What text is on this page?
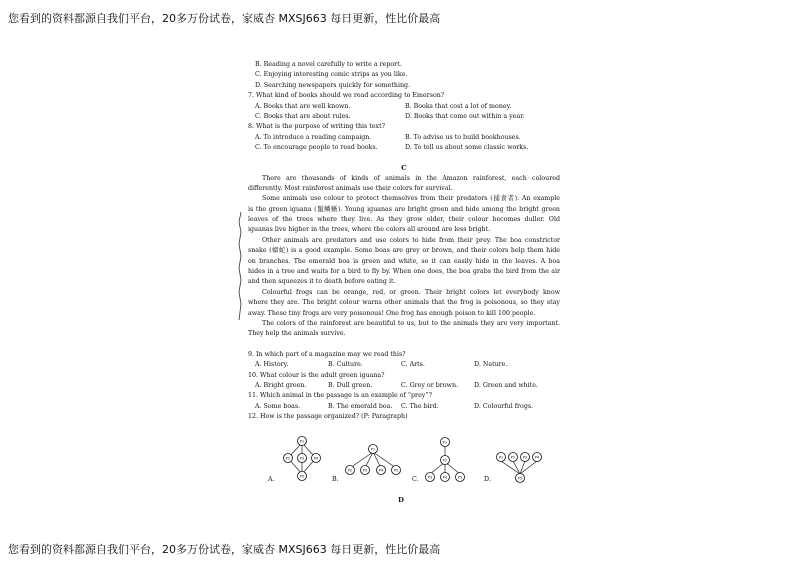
您看到的资料都源自我们平台，20多万份试卷，家威杏 MXSJ663 每日更新，性比价最高
B. Reading a novel carefully to write a report.
C. Enjoying interesting comic strips as you like.
D. Searching newspapers quickly for something.
7. What kind of books should we read according to Emerson?
A. Books that are well known.	B. Books that cost a lot of money.
C. Books that are about rules.	D. Books that come out within a year.
8. What is the purpose of writing this text?
A. To introduce a reading campaign.	B. To advise us to build bookhouses.
C. To encourage people to read books.	D. To tell us about some classic works.
C
There are thousands of kinds of animals in the Amazon rainforest, each coloured
differently. Most rainforest animals use their colors for survival.
Some animals use colour to protect themselves from their predators (捕食者). An example
is the green iguana (鬣鳞蜥). Young iguanas are bright green and hide among the bright green
leaves of the trees where they live. As they grow older, their colour becomes duller. Old
iguanas live higher in the trees, where the colors all around are less bright.
Other animals are predators and use colors to hide from their prey. The boa constrictor
snake (蟒蛇) is a good example. Some boas are grey or brown, and their colors help them hide
on branches. The emerald boa is green and white, so it can easily hide in the leaves. A boa
hides in a tree and waits for a bird to fly by. When one does, the boa grabs the bird from the air
and then squeezes it to death before eating it.
Colourful frogs can be orange, red, or green. Their bright colors let everybody know
where they are. The bright colour warns other animals that the frog is poisonous, so they stay
away. These tiny frogs are very poisonous! One frog has enough poison to kill 100 people.
The colors of the rainforest are beautiful to us, but to the animals they are very important.
They help the animals survive.
9. In which part of a magazine may we read this?
A. History.	B. Culture.	C. Arts.	D. Nature.
10. What colour is the adult green iguana?
A. Bright green.	B. Dull green.	C. Grey or brown.	D. Green and white.
11. Which animal in the passage is an example of “prey”?
A. Some boas.	B. The emerald boa.	C. The bird.	D. Colourful frogs.
12. How is the passage organized? (P: Paragraph)
P1
P2	P3	P4
P5
A.
P1
P2	P3	P4	P5
B.
P1
P2
P3	P4	P5
C.
P1 P2 P3 P4
P5
D.
D
您看到的资料都源自我们平台，20多万份试卷，家威杏 MXSJ663 每日更新，性比价最高
